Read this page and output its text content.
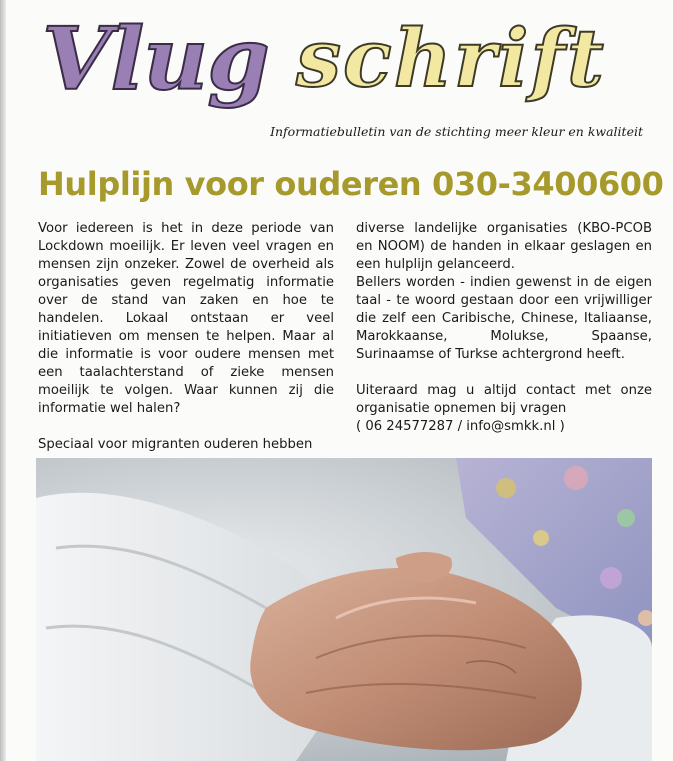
Vlug schrift
Informatiebulletin van de stichting meer kleur en kwaliteit
Hulplijn voor ouderen 030-3400600

Voor iedereen is het in deze periode van Lockdown moeilijk. Er leven veel vragen en mensen zijn onzeker. Zowel de overheid als organisaties geven regelmatig informatie over de stand van zaken en hoe te handelen. Lokaal ontstaan er veel initiatieven om mensen te helpen. Maar al die informatie is voor oudere mensen met een taalachterstand of zieke mensen moeilijk te volgen. Waar kunnen zij die informatie wel halen?

Speciaal voor migranten ouderen hebben

diverse landelijke organisaties (KBO-PCOB en NOOM) de handen in elkaar geslagen en een hulplijn gelanceerd.

Bellers worden - indien gewenst in de eigen taal - te woord gestaan door een vrijwilliger die zelf een Caribische, Chinese, Italiaanse, Marokkaanse, Molukse, Spaanse, Surinaamse of Turkse achtergrond heeft.

Uiteraard mag u altijd contact met onze organisatie opnemen bij vragen

( 06 24577287 / info@smkk.nl )
